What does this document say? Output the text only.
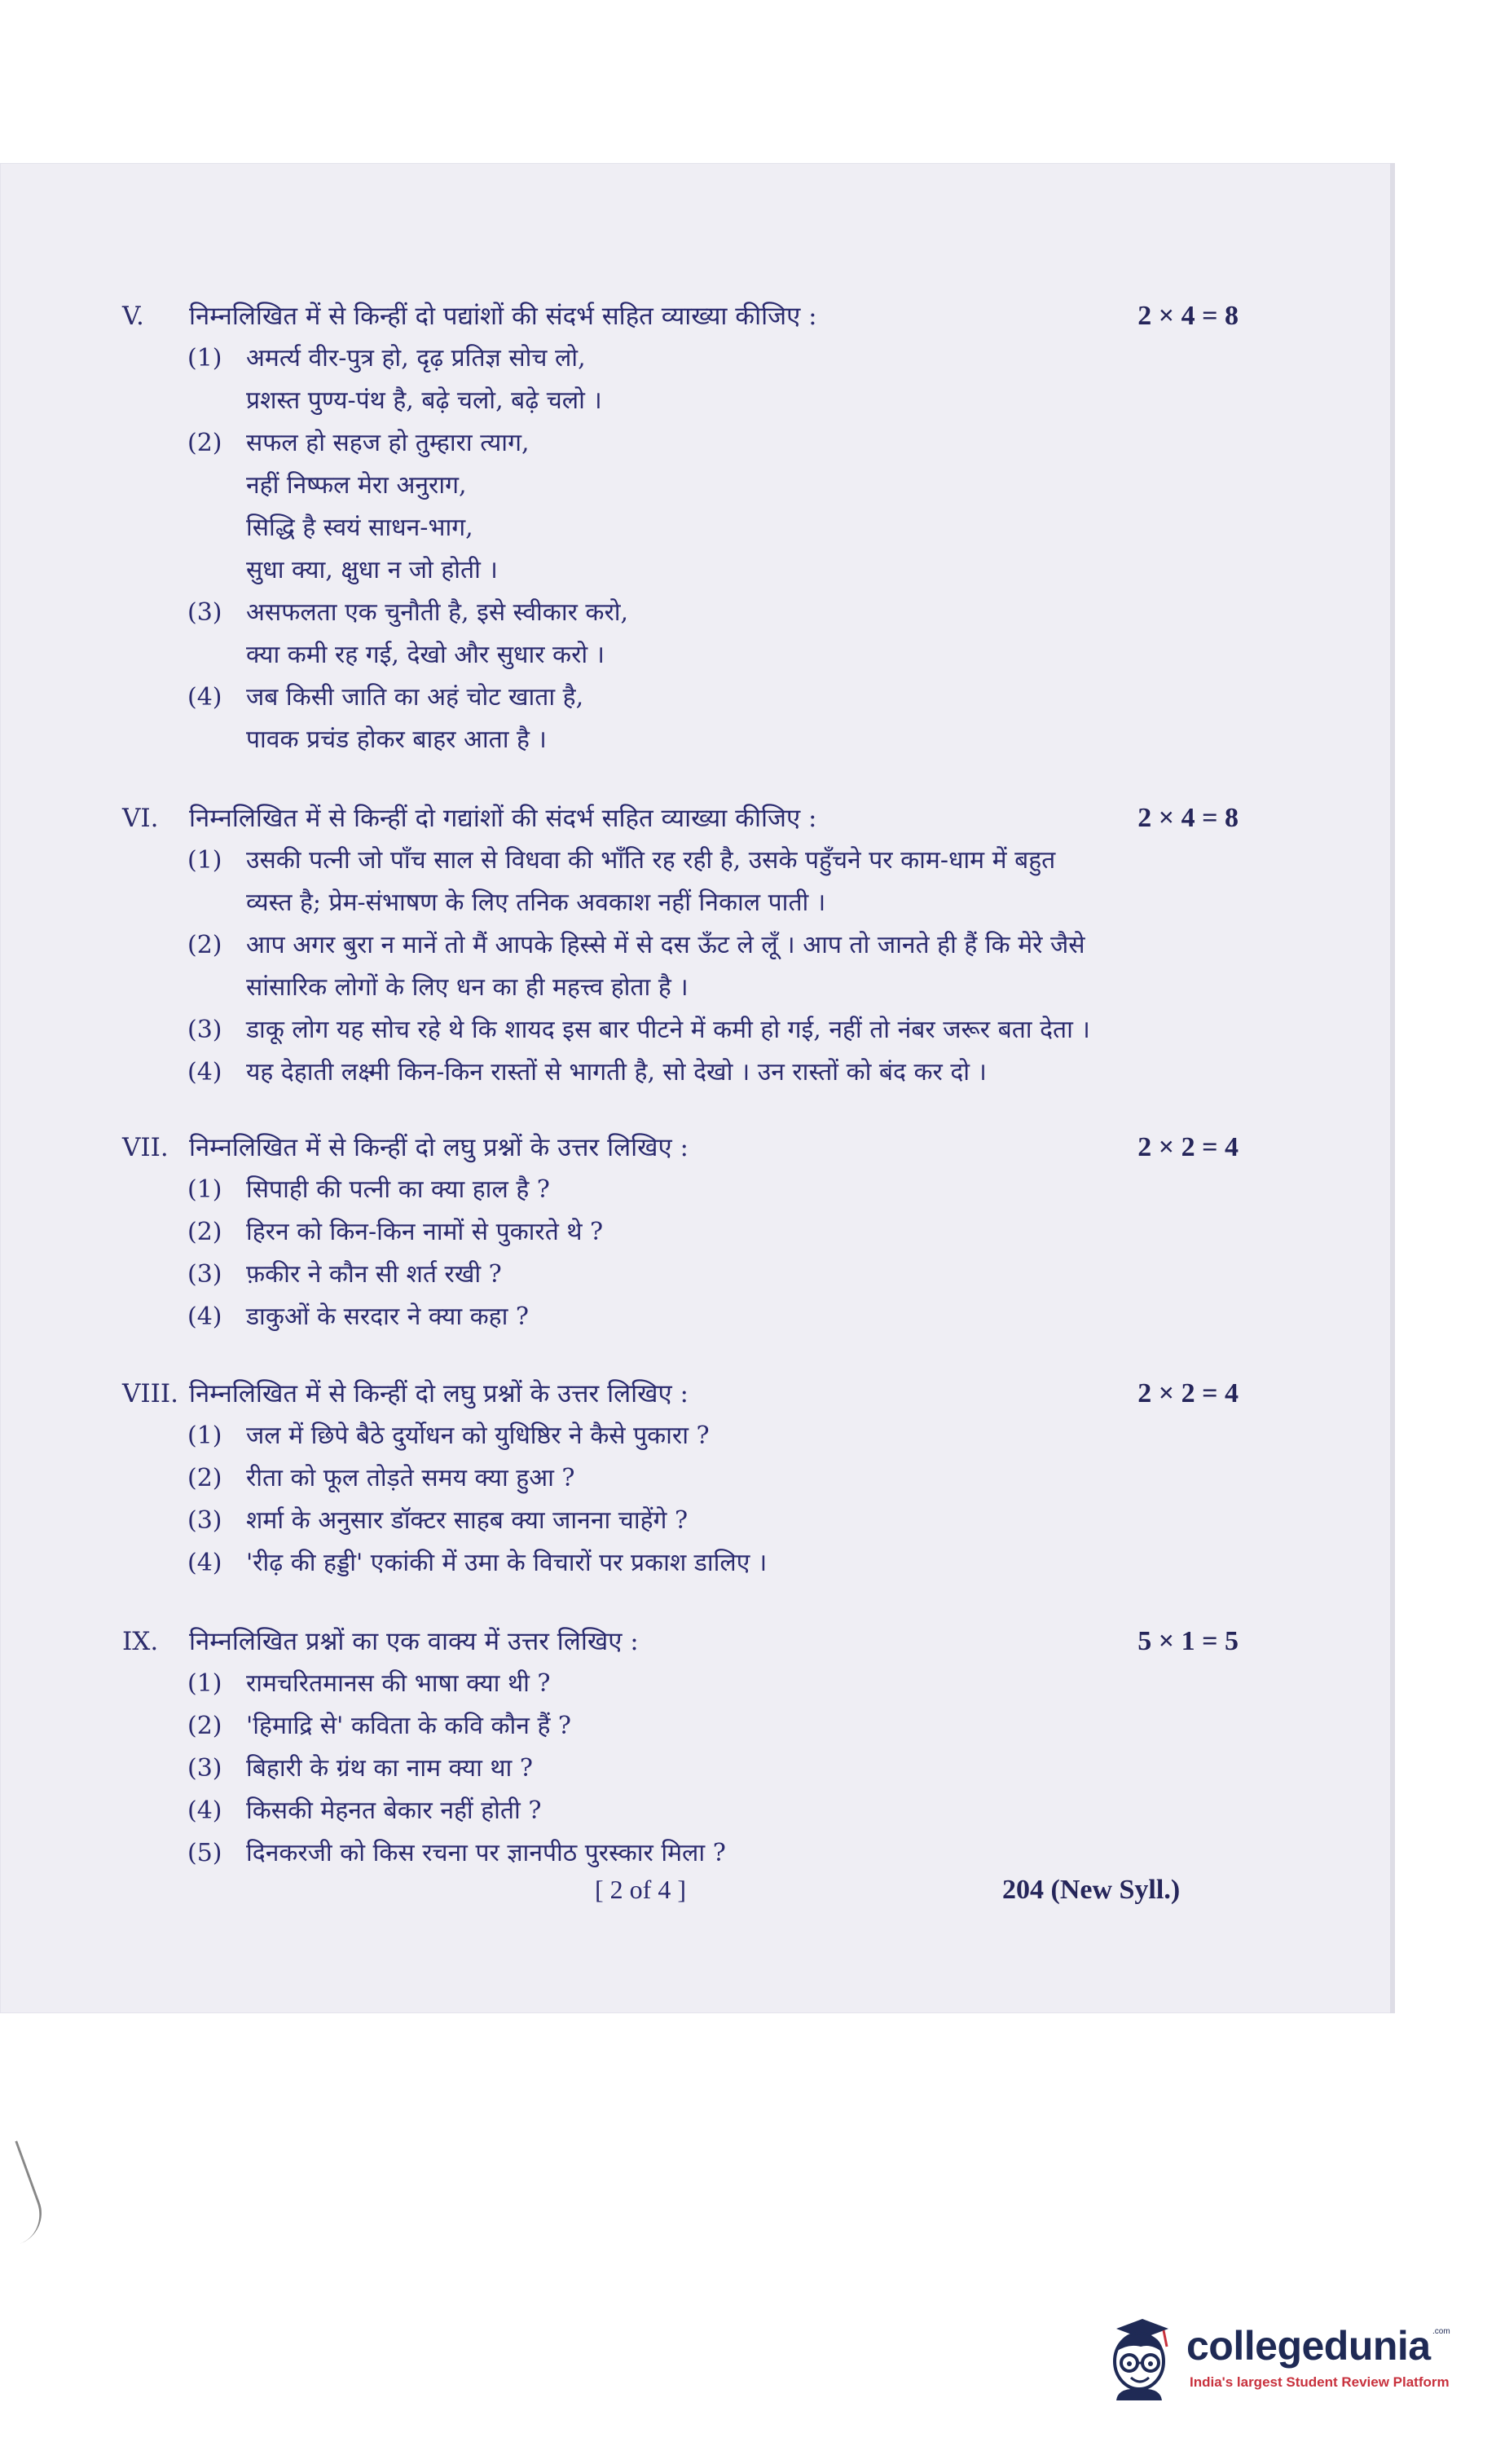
V. निम्नलिखित में से किन्हीं दो पद्यांशों की संदर्भ सहित व्याख्या कीजिए :	2 × 4 = 8
(1) अमर्त्य वीर-पुत्र हो, दृढ़ प्रतिज्ञ सोच लो,
प्रशस्त पुण्य-पंथ है, बढ़े चलो, बढ़े चलो ।
(2) सफल हो सहज हो तुम्हारा त्याग,
नहीं निष्फल मेरा अनुराग,
सिद्धि है स्वयं साधन-भाग,
सुधा क्या, क्षुधा न जो होती ।
(3) असफलता एक चुनौती है, इसे स्वीकार करो,
क्या कमी रह गई, देखो और सुधार करो ।
(4) जब किसी जाति का अहं चोट खाता है,
पावक प्रचंड होकर बाहर आता है ।
VI. निम्नलिखित में से किन्हीं दो गद्यांशों की संदर्भ सहित व्याख्या कीजिए :	2 × 4 = 8
(1) उसकी पत्नी जो पाँच साल से विधवा की भाँति रह रही है, उसके पहुँचने पर काम-धाम में बहुत
व्यस्त है; प्रेम-संभाषण के लिए तनिक अवकाश नहीं निकाल पाती ।
(2) आप अगर बुरा न मानें तो मैं आपके हिस्से में से दस ऊँट ले लूँ । आप तो जानते ही हैं कि मेरे जैसे
सांसारिक लोगों के लिए धन का ही महत्त्व होता है ।
(3) डाकू लोग यह सोच रहे थे कि शायद इस बार पीटने में कमी हो गई, नहीं तो नंबर जरूर बता देता ।
(4) यह देहाती लक्ष्मी किन-किन रास्तों से भागती है, सो देखो । उन रास्तों को बंद कर दो ।
VII. निम्नलिखित में से किन्हीं दो लघु प्रश्नों के उत्तर लिखिए :	2 × 2 = 4
(1) सिपाही की पत्नी का क्या हाल है ?
(2) हिरन को किन-किन नामों से पुकारते थे ?
(3) फ़कीर ने कौन सी शर्त रखी ?
(4) डाकुओं के सरदार ने क्या कहा ?
VIII. निम्नलिखित में से किन्हीं दो लघु प्रश्नों के उत्तर लिखिए :	2 × 2 = 4
(1) जल में छिपे बैठे दुर्योधन को युधिष्ठिर ने कैसे पुकारा ?
(2) रीता को फूल तोड़ते समय क्या हुआ ?
(3) शर्मा के अनुसार डॉक्टर साहब क्या जानना चाहेंगे ?
(4) 'रीढ़ की हड्डी' एकांकी में उमा के विचारों पर प्रकाश डालिए ।
IX. निम्नलिखित प्रश्नों का एक वाक्य में उत्तर लिखिए :	5 × 1 = 5
(1) रामचरितमानस की भाषा क्या थी ?
(2) 'हिमाद्रि से' कविता के कवि कौन हैं ?
(3) बिहारी के ग्रंथ का नाम क्या था ?
(4) किसकी मेहनत बेकार नहीं होती ?
(5) दिनकरजी को किस रचना पर ज्ञानपीठ पुरस्कार मिला ?
[ 2 of 4 ]	204 (New Syll.)
collegedunia .com
India's largest Student Review Platform
